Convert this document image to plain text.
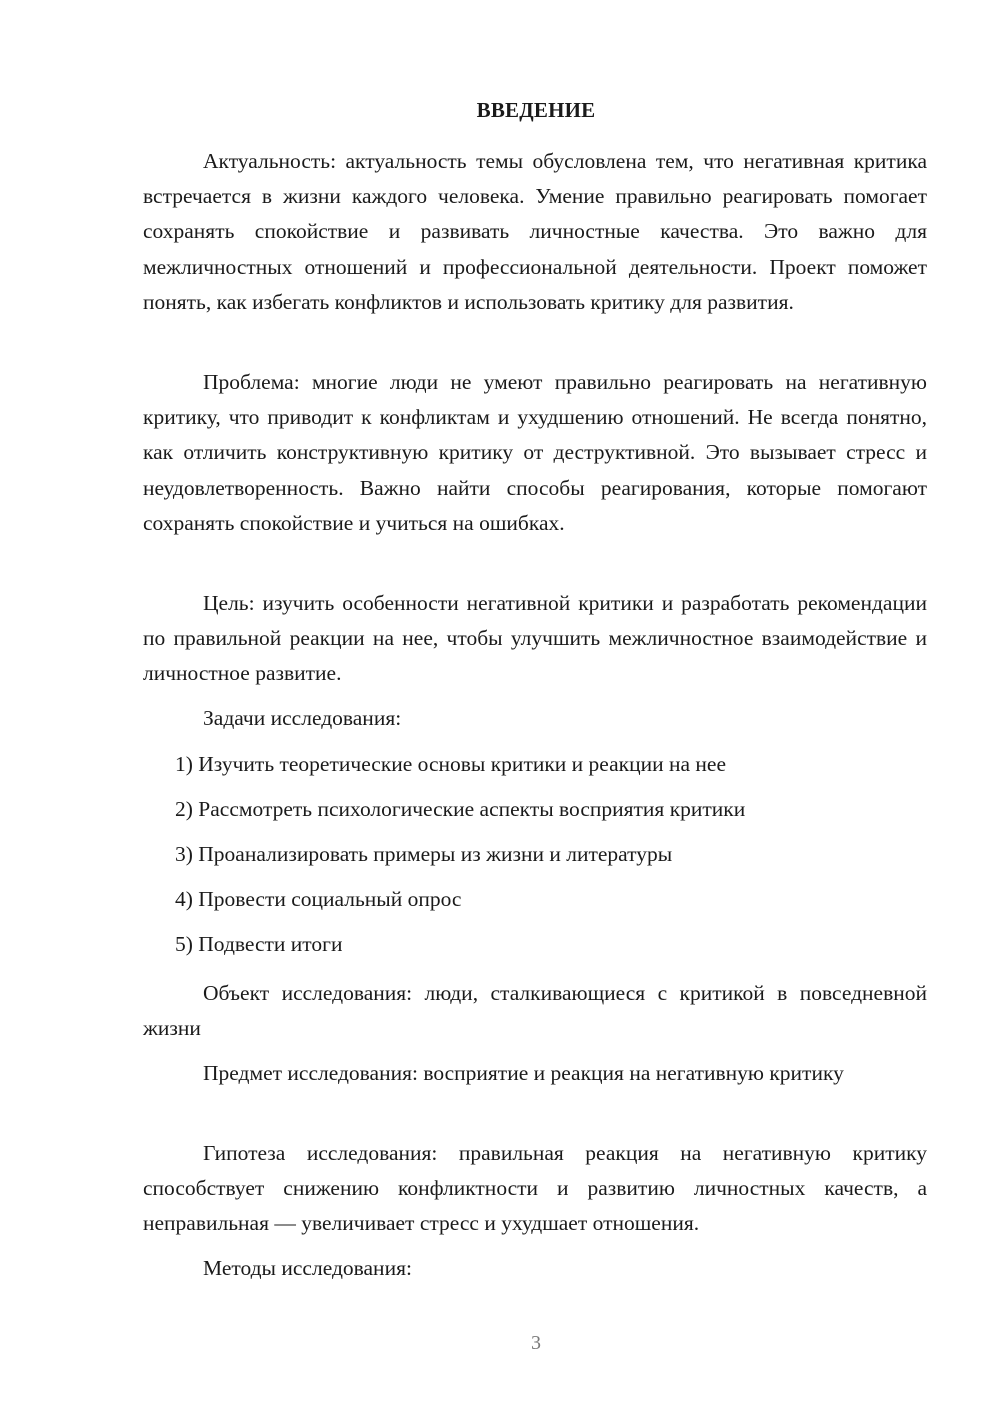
ВВЕДЕНИЕ
Актуальность: актуальность темы обусловлена тем, что негативная критика встречается в жизни каждого человека. Умение правильно реагировать помогает сохранять спокойствие и развивать личностные качества. Это важно для межличностных отношений и профессиональной деятельности. Проект поможет понять, как избегать конфликтов и использовать критику для развития.
Проблема: многие люди не умеют правильно реагировать на негативную критику, что приводит к конфликтам и ухудшению отношений. Не всегда понятно, как отличить конструктивную критику от деструктивной. Это вызывает стресс и неудовлетворенность. Важно найти способы реагирования, которые помогают сохранять спокойствие и учиться на ошибках.
Цель: изучить особенности негативной критики и разработать рекомендации по правильной реакции на нее, чтобы улучшить межличностное взаимодействие и личностное развитие.
Задачи исследования:
1) Изучить теоретические основы критики и реакции на нее
2) Рассмотреть психологические аспекты восприятия критики
3) Проанализировать примеры из жизни и литературы
4) Провести социальный опрос
5) Подвести итоги
Объект исследования: люди, сталкивающиеся с критикой в повседневной жизни
Предмет исследования: восприятие и реакция на негативную критику
Гипотеза исследования: правильная реакция на негативную критику способствует снижению конфликтности и развитию личностных качеств, а неправильная — увеличивает стресс и ухудшает отношения.
Методы исследования:
3
